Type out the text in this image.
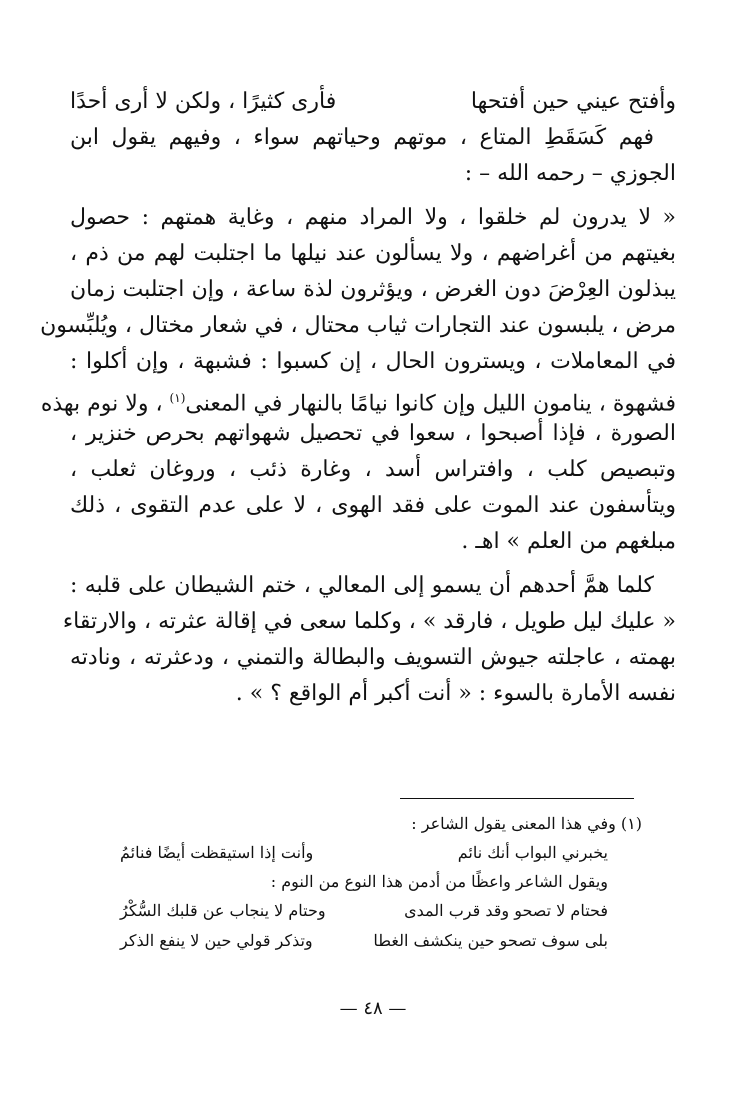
وأفتح عيني حين أفتحها
فأرى كثيرًا ، ولكن لا أرى أحدًا
فهم كَسَقَطِ المتاع ، موتهم وحياتهم سواء ، وفيهم يقول ابن
الجوزي – رحمه الله – :
« لا يدرون لم خلقوا ، ولا المراد منهم ، وغاية همتهم : حصول
بغيتهم من أغراضهم ، ولا يسألون عند نيلها ما اجتلبت لهم من ذم ،
يبذلون العِرْضَ دون الغرض ، ويؤثرون لذة ساعة ، وإن اجتلبت زمان
مرض ، يلبسون عند التجارات ثياب محتال ، في شعار مختال ، ويُلبِّسون
في المعاملات ، ويسترون الحال ، إن كسبوا : فشبهة ، وإن أكلوا :
فشهوة ، ينامون الليل وإن كانوا نيامًا بالنهار في المعنى$^{(١)}$ ، ولا نوم بهذه
الصورة ، فإذا أصبحوا ، سعوا في تحصيل شهواتهم بحرص خنزير ،
وتبصيص كلب ، وافتراس أسد ، وغارة ذئب ، وروغان ثعلب ،
ويتأسفون عند الموت على فقد الهوى ، لا على عدم التقوى ، ذلك
مبلغهم من العلم » اهـ .
كلما همَّ أحدهم أن يسمو إلى المعالي ، ختم الشيطان على قلبه :
« عليك ليل طويل ، فارقد » ، وكلما سعى في إقالة عثرته ، والارتقاء
بهمته ، عاجلته جيوش التسويف والبطالة والتمني ، ودعثرته ، ونادته
نفسه الأمارة بالسوء : « أنت أكبر أم الواقع ؟ » .
(١) وفي هذا المعنى يقول الشاعر :
يخبرني البواب أنك نائم
وأنت إذا استيقظت أيضًا فنائمُ
ويقول الشاعر واعظًا من أدمن هذا النوع من النوم :
فحتام لا تصحو وقد قرب المدى
وحتام لا ينجاب عن قلبك السُّكْرُ
بلى سوف تصحو حين ينكشف الغطا
وتذكر قولي حين لا ينفع الذكر
— ٤٨ —
